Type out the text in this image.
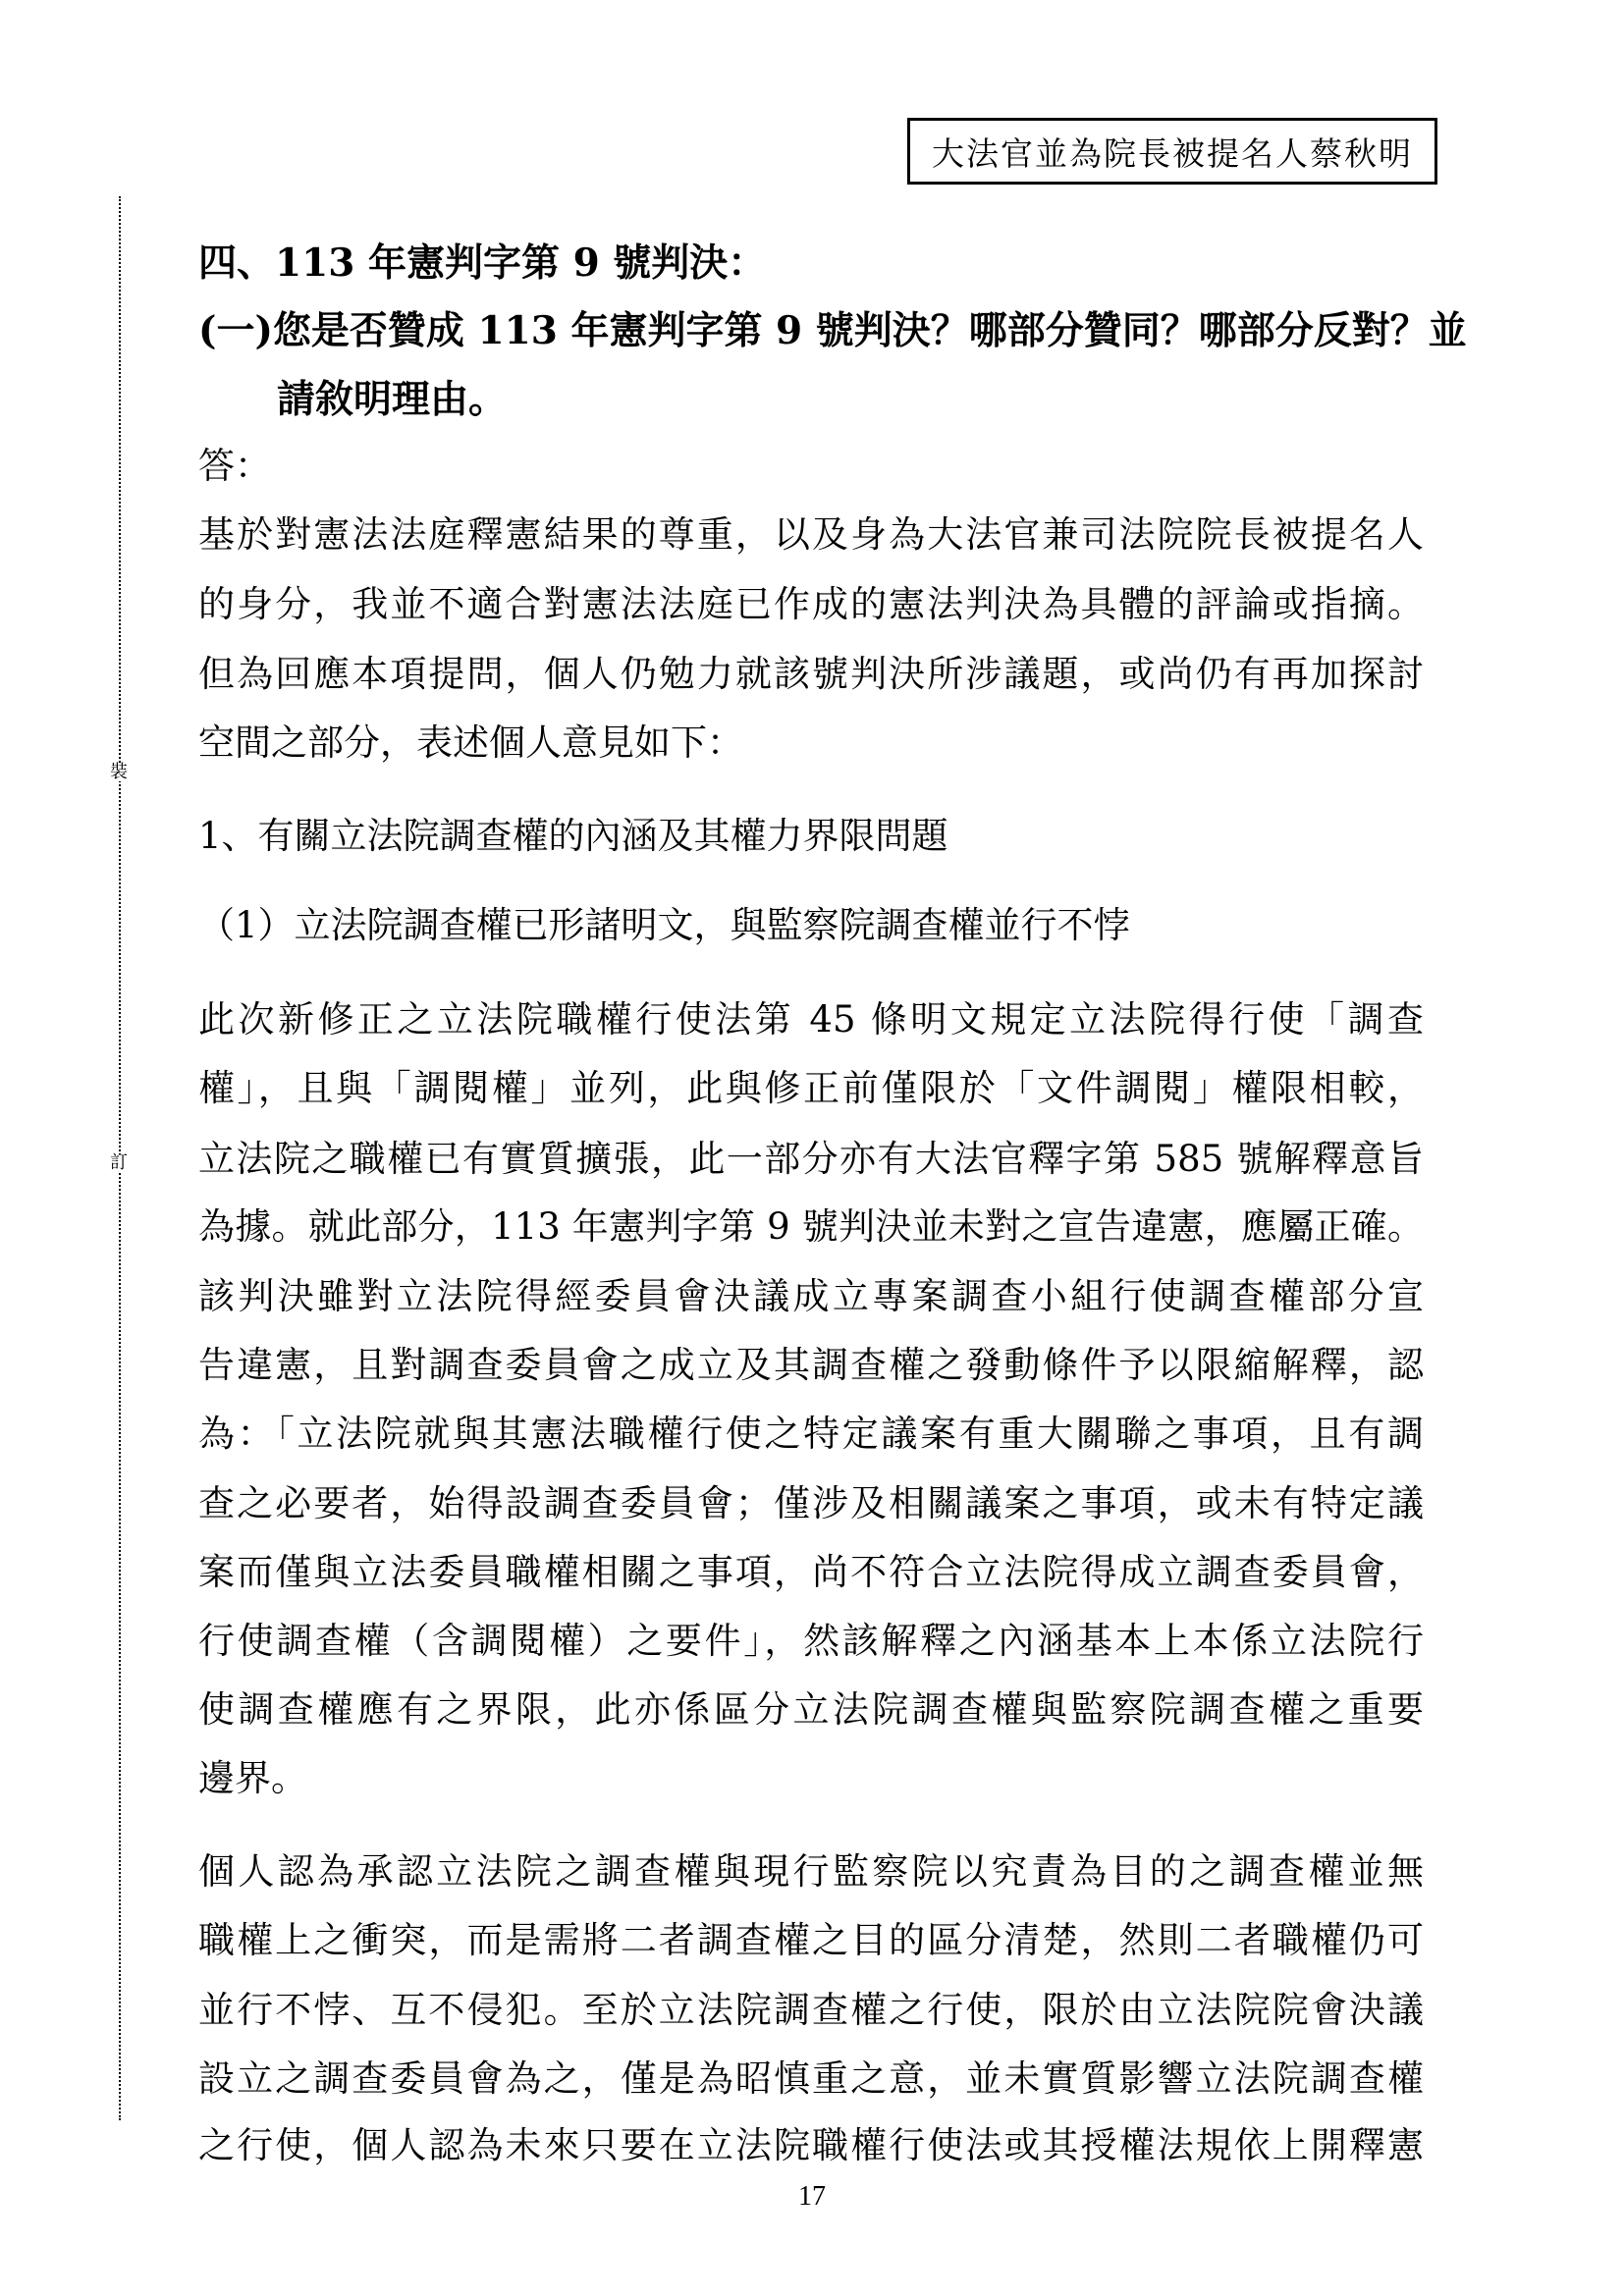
大法官並為院長被提名人蔡秋明
裝
訂
四、113 年憲判字第 9 號判決：
(一)您是否贊成 113 年憲判字第 9 號判決？哪部分贊同？哪部分反對？並
請敘明理由。
答：
基於對憲法法庭釋憲結果的尊重，以及身為大法官兼司法院院長被提名人
的身分，我並不適合對憲法法庭已作成的憲法判決為具體的評論或指摘。
但為回應本項提問，個人仍勉力就該號判決所涉議題，或尚仍有再加探討
空間之部分，表述個人意見如下：
1、有關立法院調查權的內涵及其權力界限問題
（1）立法院調查權已形諸明文，與監察院調查權並行不悖
此次新修正之立法院職權行使法第 45 條明文規定立法院得行使「調查
權」，且與「調閱權」並列，此與修正前僅限於「文件調閱」權限相較，
立法院之職權已有實質擴張，此一部分亦有大法官釋字第 585 號解釋意旨
為據。就此部分，113 年憲判字第 9 號判決並未對之宣告違憲，應屬正確。
該判決雖對立法院得經委員會決議成立專案調查小組行使調查權部分宣
告違憲，且對調查委員會之成立及其調查權之發動條件予以限縮解釋，認
為：「立法院就與其憲法職權行使之特定議案有重大關聯之事項，且有調
查之必要者，始得設調查委員會；僅涉及相關議案之事項，或未有特定議
案而僅與立法委員職權相關之事項，尚不符合立法院得成立調查委員會，
行使調查權（含調閱權）之要件」，然該解釋之內涵基本上本係立法院行
使調查權應有之界限，此亦係區分立法院調查權與監察院調查權之重要
邊界。
個人認為承認立法院之調查權與現行監察院以究責為目的之調查權並無
職權上之衝突，而是需將二者調查權之目的區分清楚，然則二者職權仍可
並行不悖、互不侵犯。至於立法院調查權之行使，限於由立法院院會決議
設立之調查委員會為之，僅是為昭慎重之意，並未實質影響立法院調查權
之行使，個人認為未來只要在立法院職權行使法或其授權法規依上開釋憲
17
